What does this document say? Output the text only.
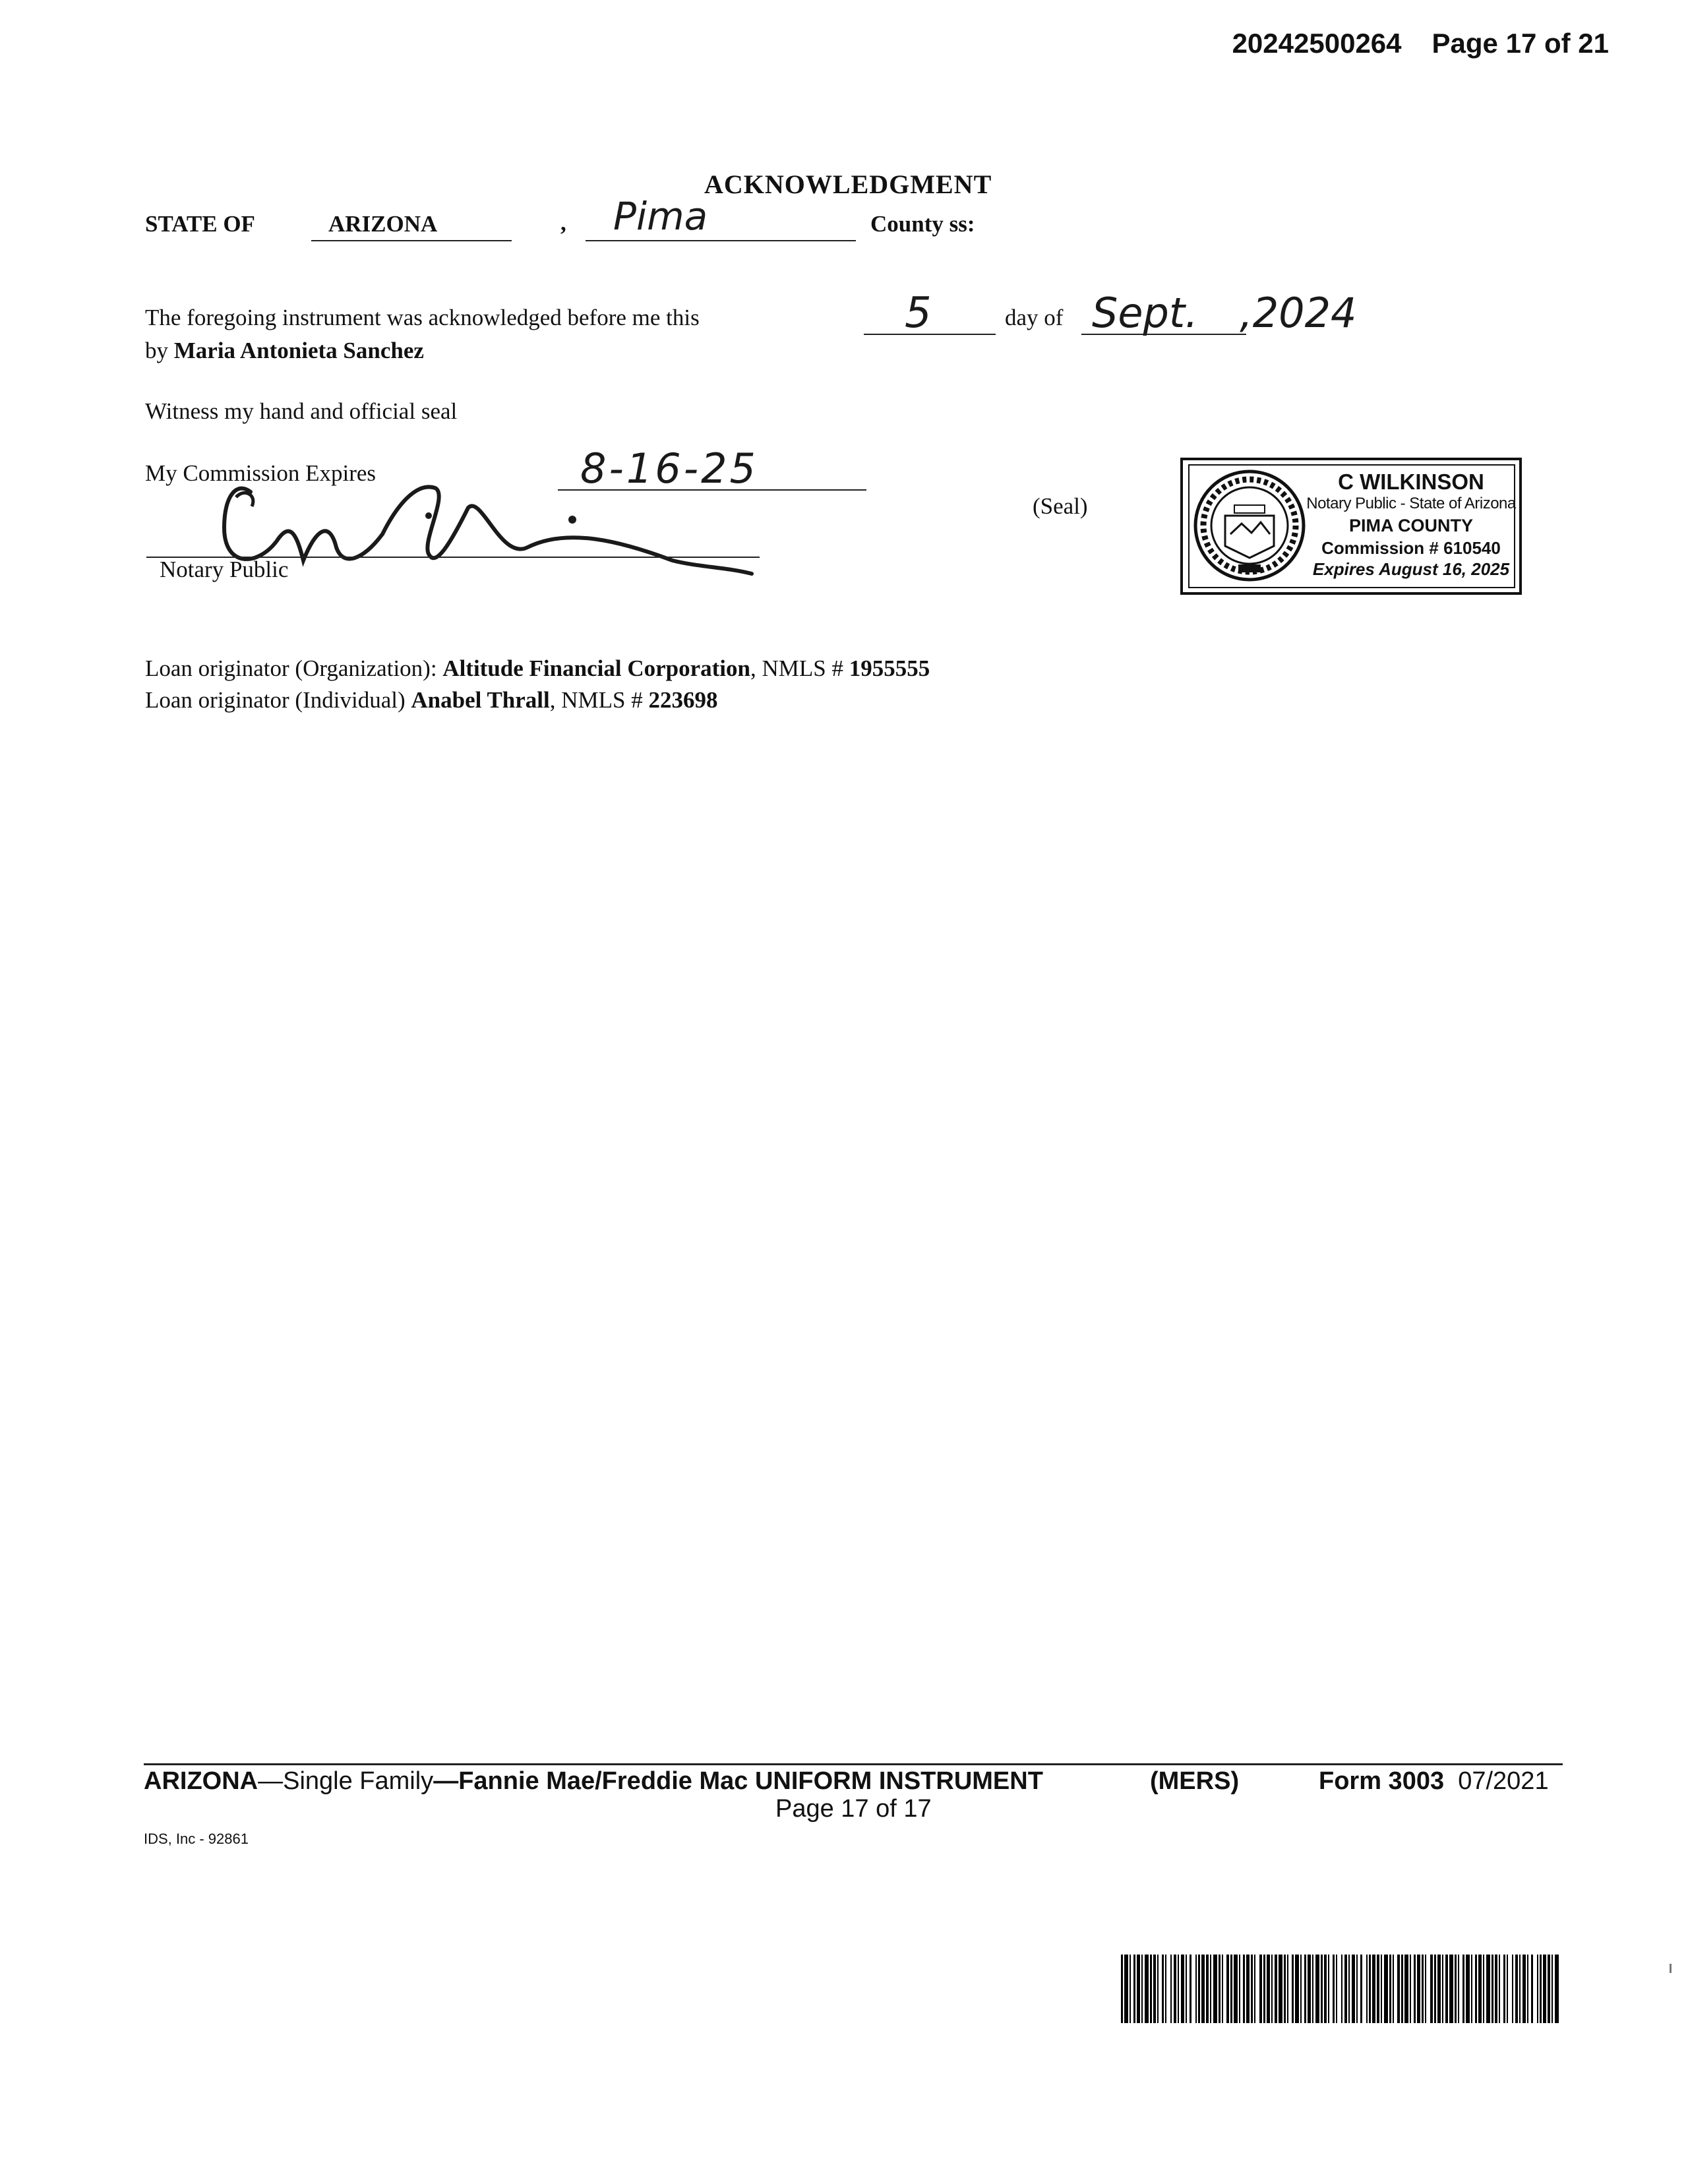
20242500264 Page 17 of 21
ACKNOWLEDGMENT
STATE OF	ARIZONA	, Pima	County ss:
The foregoing instrument was acknowledged before me this	5	day of Sept. ,2024
by Maria Antonieta Sanchez
Witness my hand and official seal
My Commission Expires	8-16-25
Notary Public
(Seal)
C WILKINSON
Notary Public - State of Arizona
PIMA COUNTY
Commission # 610540
Expires August 16, 2025
Loan originator (Organization): Altitude Financial Corporation, NMLS # 1955555
Loan originator (Individual) Anabel Thrall, NMLS # 223698
ARIZONA—Single Family—Fannie Mae/Freddie Mac UNIFORM INSTRUMENT	(MERS)	Form 3003 07/2021
Page 17 of 17
IDS, Inc - 92861
